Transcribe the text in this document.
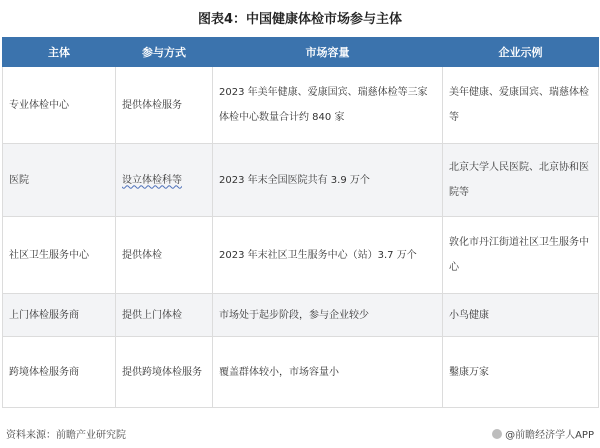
图表4：中国健康体检市场参与主体
主体	参与方式	市场容量	企业示例
专业体检中心	提供体检服务	2023 年美年健康、爱康国宾、瑞慈体检等三家体检中心数量合计约 840 家	美年健康、爱康国宾、瑞慈体检等
医院	设立体检科等	2023 年末全国医院共有 3.9 万个	北京大学人民医院、北京协和医院等
社区卫生服务中心	提供体检	2023 年末社区卫生服务中心（站）3.7 万个	敦化市丹江街道社区卫生服务中心
上门体检服务商	提供上门体检	市场处于起步阶段，参与企业较少	小鸟健康
跨境体检服务商	提供跨境体检服务	覆盖群体较小，市场容量小	鑿康万家
资料来源：前瞻产业研究院	@前瞻经济学人APP
